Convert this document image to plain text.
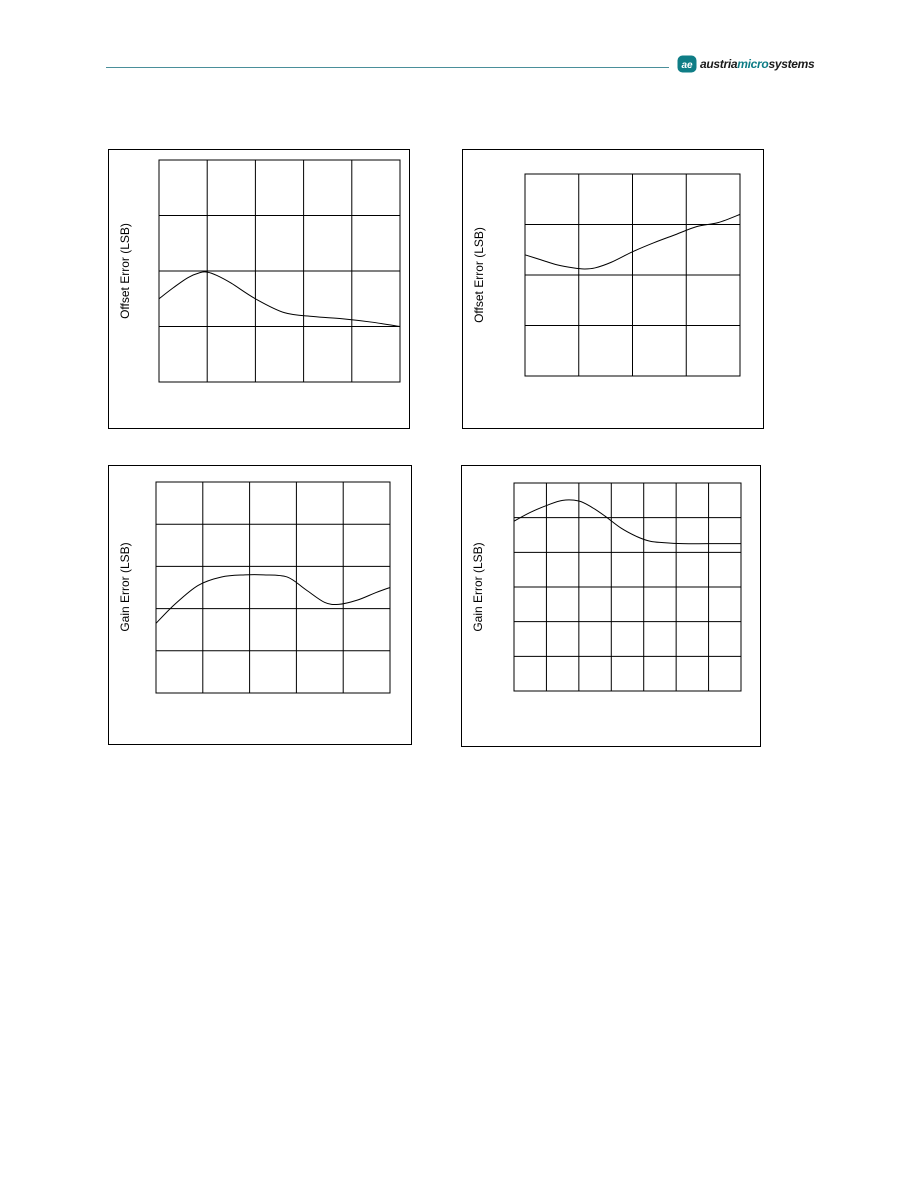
ae austriamicrosystems
Offset Error (LSB)	Offset Error (LSB)
Gain Error (LSB)	Gain Error (LSB)
